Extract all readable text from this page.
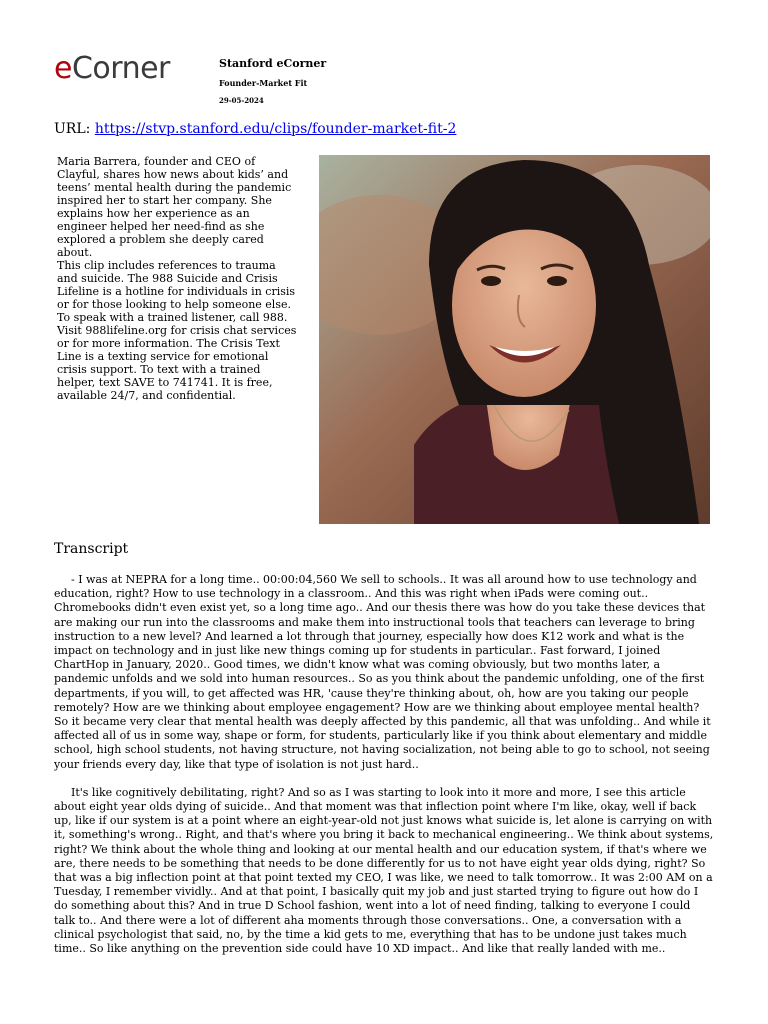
eCorner	Stanford eCorner
Founder-Market Fit
29-05-2024
URL: https://stvp.stanford.edu/clips/founder-market-fit-2

Maria Barrera, founder and CEO of Clayful, shares how news about kids’ and teens’ mental health during the pandemic inspired her to start her company. She explains how her experience as an engineer helped her need-find as she explored a problem she deeply cared about.

This clip includes references to trauma and suicide. The 988 Suicide and Crisis Lifeline is a hotline for individuals in crisis or for those looking to help someone else. To speak with a trained listener, call 988. Visit 988lifeline.org for crisis chat services or for more information. The Crisis Text Line is a texting service for emotional crisis support. To text with a trained helper, text SAVE to 741741. It is free, available 24/7, and confidential.

Transcript

- I was at NEPRA for a long time.. 00:00:04,560 We sell to schools.. It was all around how to use technology and education, right? How to use technology in a classroom.. And this was right when iPads were coming out.. Chromebooks didn't even exist yet, so a long time ago.. And our thesis there was how do you take these devices that are making our run into the classrooms and make them into instructional tools that teachers can leverage to bring instruction to a new level? And learned a lot through that journey, especially how does K12 work and what is the impact on technology and in just like new things coming up for students in particular.. Fast forward, I joined ChartHop in January, 2020.. Good times, we didn't know what was coming obviously, but two months later, a pandemic unfolds and we sold into human resources.. So as you think about the pandemic unfolding, one of the first departments, if you will, to get affected was HR, 'cause they're thinking about, oh, how are you taking our people remotely? How are we thinking about employee engagement? How are we thinking about employee mental health? So it became very clear that mental health was deeply affected by this pandemic, all that was unfolding.. And while it affected all of us in some way, shape or form, for students, particularly like if you think about elementary and middle school, high school students, not having structure, not having socialization, not being able to go to school, not seeing your friends every day, like that type of isolation is not just hard..

It's like cognitively debilitating, right? And so as I was starting to look into it more and more, I see this article about eight year olds dying of suicide.. And that moment was that inflection point where I'm like, okay, well if back up, like if our system is at a point where an eight-year-old not just knows what suicide is, let alone is carrying on with it, something's wrong.. Right, and that's where you bring it back to mechanical engineering.. We think about systems, right? We think about the whole thing and looking at our mental health and our education system, if that's where we are, there needs to be something that needs to be done differently for us to not have eight year olds dying, right? So that was a big inflection point at that point texted my CEO, I was like, we need to talk tomorrow.. It was 2:00 AM on a Tuesday, I remember vividly.. And at that point, I basically quit my job and just started trying to figure out how do I do something about this? And in true D School fashion, went into a lot of need finding, talking to everyone I could talk to.. And there were a lot of different aha moments through those conversations.. One, a conversation with a clinical psychologist that said, no, by the time a kid gets to me, everything that has to be undone just takes much time.. So like anything on the prevention side could have 10 XD impact.. And like that really landed with me..
